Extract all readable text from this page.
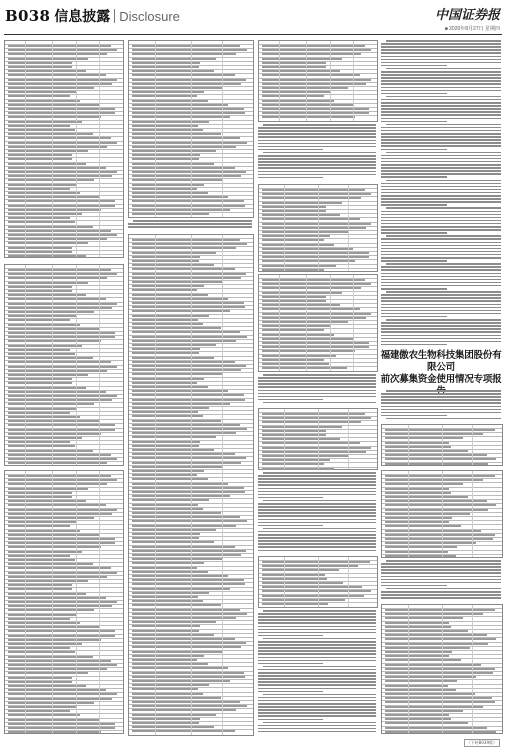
B038 信息披露 Disclosure	中国证券报
■ 2020年8月27日 星期四
福建傲农生物科技集团股份有限公司
前次募集资金使用情况专项报
（下转B039版）
